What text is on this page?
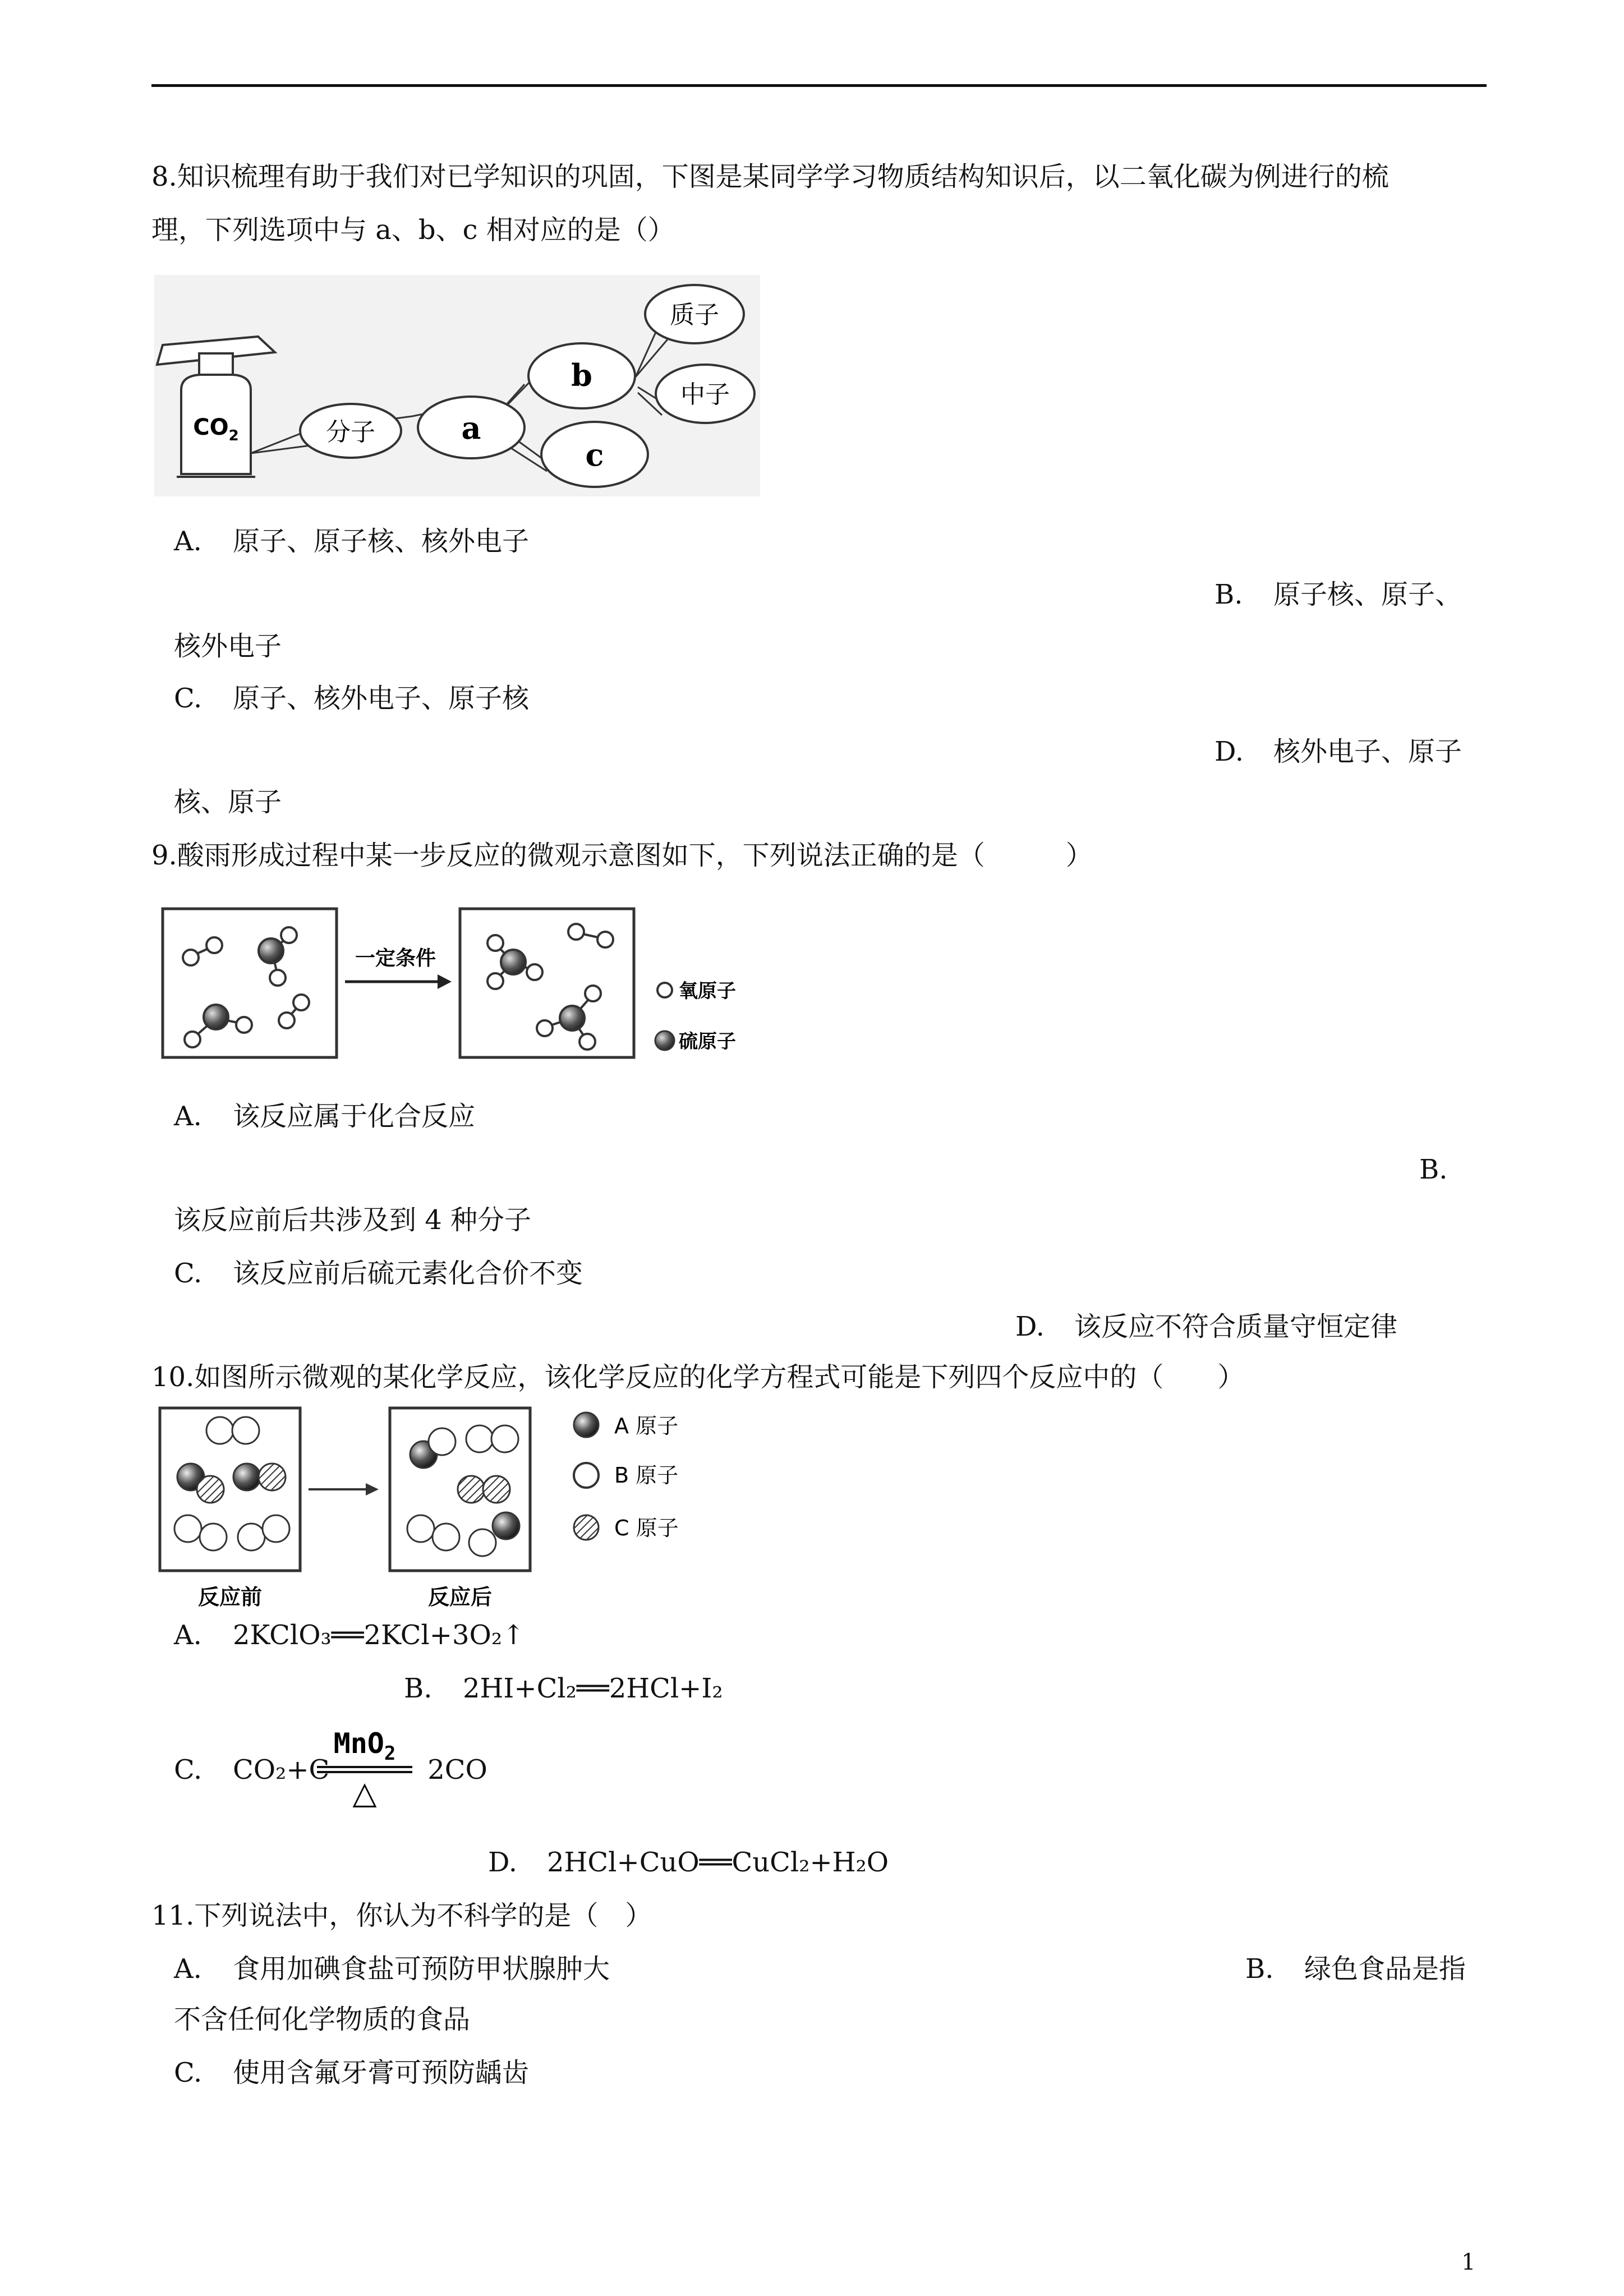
8.知识梳理有助于我们对已学知识的巩固，下图是某同学学习物质结构知识后，以二氧化碳为例进行的梳
理，下列选项中与 a、b、c 相对应的是（）
$CO_2$	分子	a
b
c
质子
中子
A. 原子、原子核、核外电子
B. 原子核、原子、
核外电子
C. 原子、核外电子、原子核
D. 核外电子、原子
核、原子
9.酸雨形成过程中某一步反应的微观示意图如下，下列说法正确的是（　　　）
一定条件
氧原子
硫原子
A. 该反应属于化合反应
B.
该反应前后共涉及到 4 种分子
C. 该反应前后硫元素化合价不变
D. 该反应不符合质量守恒定律
10.如图所示微观的某化学反应，该化学反应的化学方程式可能是下列四个反应中的（　　）
反应前	反应后
A 原子
B 原子
C 原子
A. 2KClO₃══2KCl+3O₂↑
B. 2HI+Cl₂══2HCl+I₂
C. CO₂+C	2CO
MnO$_2$
△
D. 2HCl+CuO══CuCl₂+H₂O
11.下列说法中，你认为不科学的是（　）
A. 食用加碘食盐可预防甲状腺肿大	B. 绿色食品是指
不含任何化学物质的食品
C. 使用含氟牙膏可预防龋齿
1
